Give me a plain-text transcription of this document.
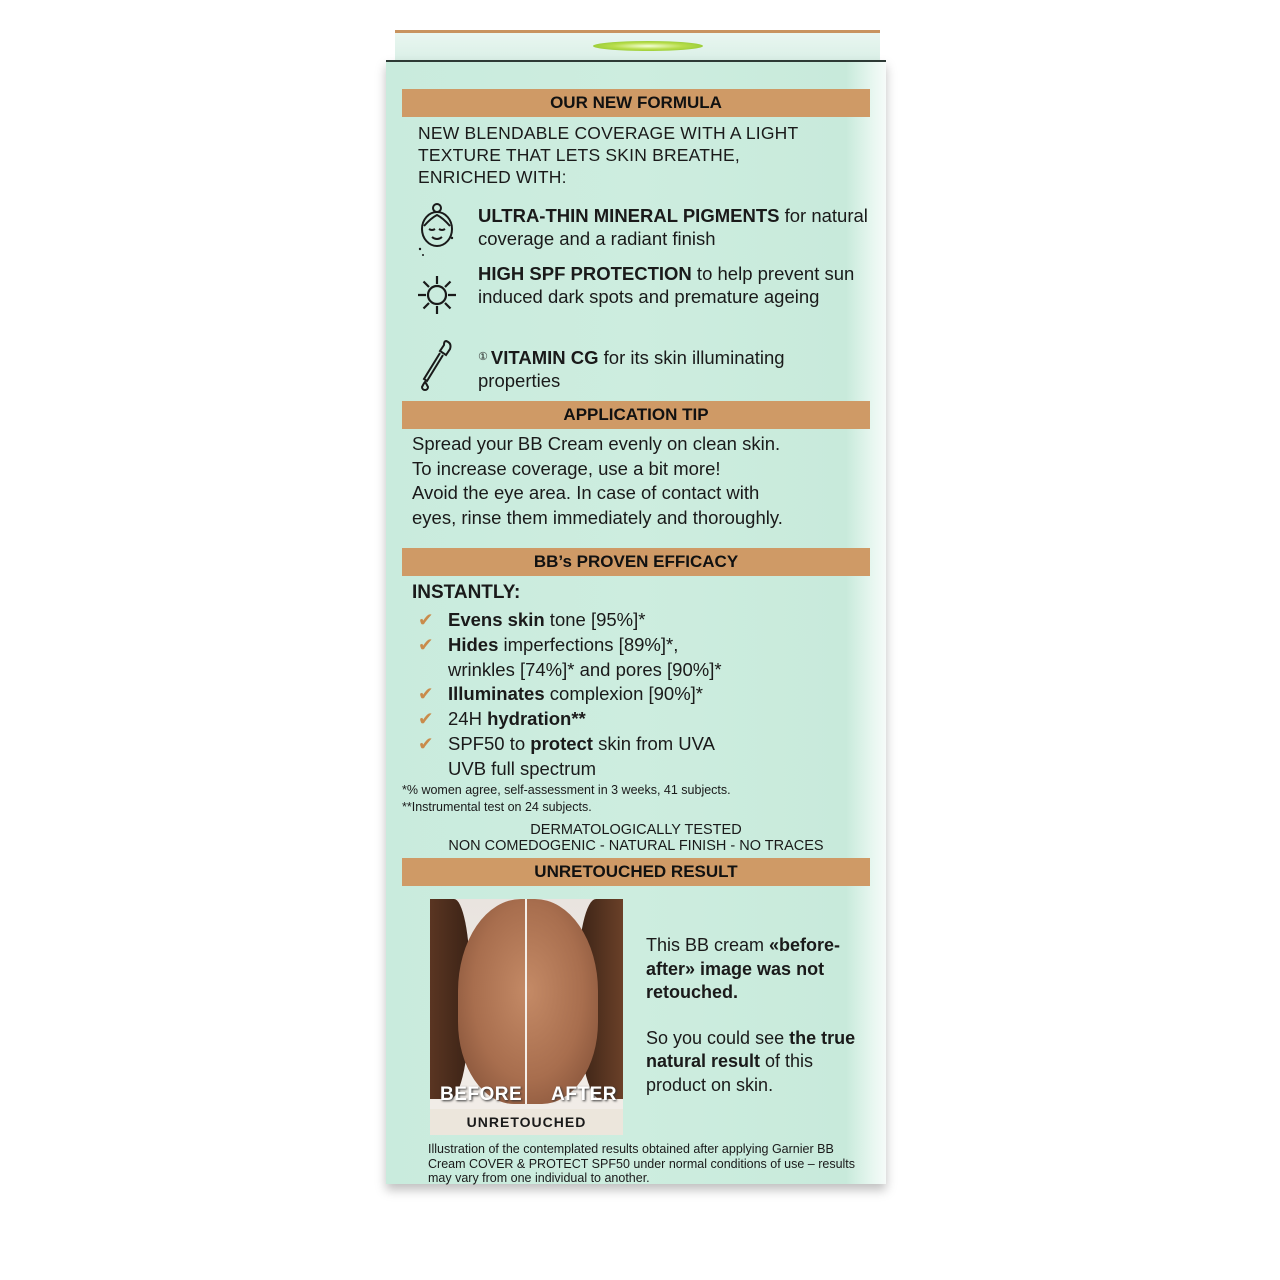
OUR NEW FORMULA
NEW BLENDABLE COVERAGE WITH A LIGHT
TEXTURE THAT LETS SKIN BREATHE,
ENRICHED WITH:
ULTRA-THIN MINERAL PIGMENTS for natural coverage and a radiant finish
HIGH SPF PROTECTION to help prevent sun induced dark spots and premature ageing
① VITAMIN CG for its skin illuminating properties
APPLICATION TIP
Spread your BB Cream evenly on clean skin.
To increase coverage, use a bit more!
Avoid the eye area. In case of contact with
eyes, rinse them immediately and thoroughly.
BB’s PROVEN EFFICACY
INSTANTLY:
✔ Evens skin tone [95%]*
✔ Hides imperfections [89%]*,
wrinkles [74%]* and pores [90%]*
✔ Illuminates complexion [90%]*
✔ 24H hydration**
✔ SPF50 to protect skin from UVA
UVB full spectrum
*% women agree, self-assessment in 3 weeks, 41 subjects.
**Instrumental test on 24 subjects.
DERMATOLOGICALLY TESTED
NON COMEDOGENIC - NATURAL FINISH - NO TRACES
UNRETOUCHED RESULT
BEFORE AFTER
UNRETOUCHED
This BB cream «before-after» image was not retouched.
So you could see the true natural result of this product on skin.
Illustration of the contemplated results obtained after applying Garnier BB Cream COVER & PROTECT SPF50 under normal conditions of use – results may vary from one individual to another.
